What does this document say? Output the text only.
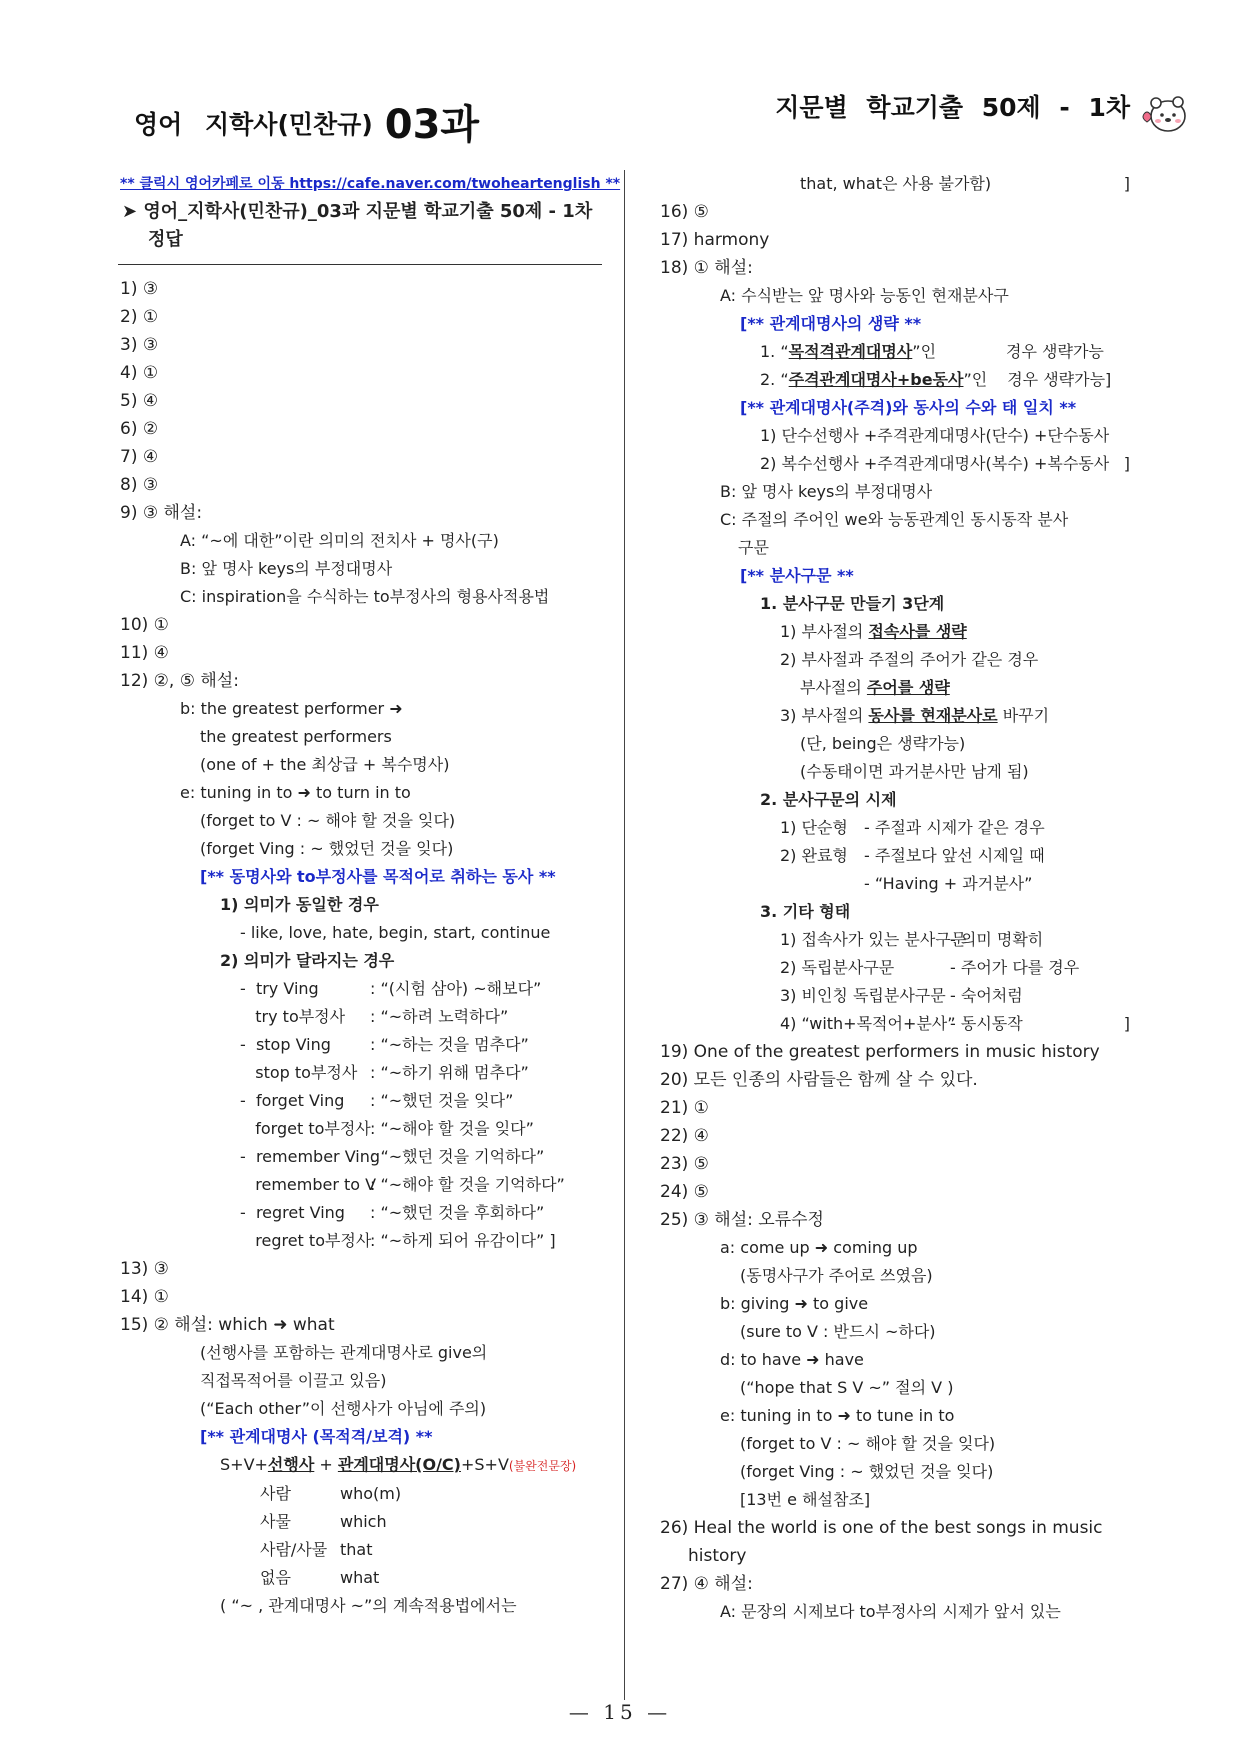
영어 지학사(민찬규) 03과	지문별 학교기출 50제 - 1차
** 클릭시 영어카페로 이동 https://cafe.naver.com/twoheartenglish **
➤ 영어_지학사(민찬규)_03과 지문별 학교기출 50제 - 1차
정답
1) ③
2) ①
3) ③
4) ①
5) ④
6) ②
7) ④
8) ③
9) ③ 해설:
A: “~에 대한”이란 의미의 전치사 + 명사(구)
B: 앞 명사 keys의 부정대명사
C: inspiration을 수식하는 to부정사의 형용사적용법
10) ①
11) ④
12) ②, ⑤ 해설:
b: the greatest performer ➜
the greatest performers
(one of + the 최상급 + 복수명사)
e: tuning in to ➜ to turn in to
(forget to V : ~ 해야 할 것을 잊다)
(forget Ving : ~ 했었던 것을 잊다)
[** 동명사와 to부정사를 목적어로 취하는 동사 **
1) 의미가 동일한 경우
- like, love, hate, begin, start, continue
2) 의미가 달라지는 경우
-  try Ving	: “(시험 삼아) ~해보다”
try to부정사 : “~하려 노력하다”
-  stop Ving : “~하는 것을 멈추다”
stop to부정사 : “~하기 위해 멈추다”
-  forget Ving : “~했던 것을 잊다”
forget to부정사: “~해야 할 것을 잊다”
-  remember Ving: “~했던 것을 기억하다”
remember to V: “~해야 할 것을 기억하다”
-  regret Ving : “~했던 것을 후회하다”
regret to부정사: “~하게 되어 유감이다” ]
13) ③
14) ①
15) ② 해설: which ➜ what
(선행사를 포함하는 관계대명사로 give의
직접목적어를 이끌고 있음)
(“Each other”이 선행사가 아님에 주의)
[** 관계대명사 (목적격/보격) **
S+V+선행사 + 관계대명사(O/C)+S+V(불완전문장)
사람	who(m)
사물	which
사람/사물 that
없음	what
( “~ , 관계대명사 ~”의 계속적용법에서는
that, what은 사용 불가함)	]
16) ⑤
17) harmony
18) ① 해설:
A: 수식받는 앞 명사와 능동인 현재분사구
[** 관계대명사의 생략 **
1. “목적격관계대명사”인	경우 생략가능
2. “주격관계대명사+be동사”인 경우 생략가능]
[** 관계대명사(주격)와 동사의 수와 태 일치 **
1) 단수선행사 +주격관계대명사(단수) +단수동사
2) 복수선행사 +주격관계대명사(복수) +복수동사 ]
B: 앞 명사 keys의 부정대명사
C: 주절의 주어인 we와 능동관계인 동시동작 분사
구문
[** 분사구문 **
1. 분사구문 만들기 3단계
1) 부사절의 접속사를 생략
2) 부사절과 주절의 주어가 같은 경우
부사절의 주어를 생략
3) 부사절의 동사를 현재분사로 바꾸기
(단, being은 생략가능)
(수동태이면 과거분사만 남게 됨)
2. 분사구문의 시제
1) 단순형 - 주절과 시제가 같은 경우
2) 완료형 - 주절보다 앞선 시제일 때
- “Having + 과거분사”
3. 기타 형태
1) 접속사가 있는 분사구문- 의미 명확히
2) 독립분사구문	- 주어가 다를 경우
3) 비인칭 독립분사구문 - 숙어처럼
4) “with+목적어+분사”- 동시동작	]
19) One of the greatest performers in music history
20) 모든 인종의 사람들은 함께 살 수 있다.
21) ①
22) ④
23) ⑤
24) ⑤
25) ③ 해설: 오류수정
a: come up ➜ coming up
(동명사구가 주어로 쓰였음)
b: giving ➜ to give
(sure to V : 반드시 ~하다)
d: to have ➜ have
(“hope that S V ~” 절의 V )
e: tuning in to ➜ to tune in to
(forget to V : ~ 해야 할 것을 잊다)
(forget Ving : ~ 했었던 것을 잊다)
[13번 e 해설참조]
26) Heal the world is one of the best songs in music
history
27) ④ 해설:
A: 문장의 시제보다 to부정사의 시제가 앞서 있는
— 15 —
